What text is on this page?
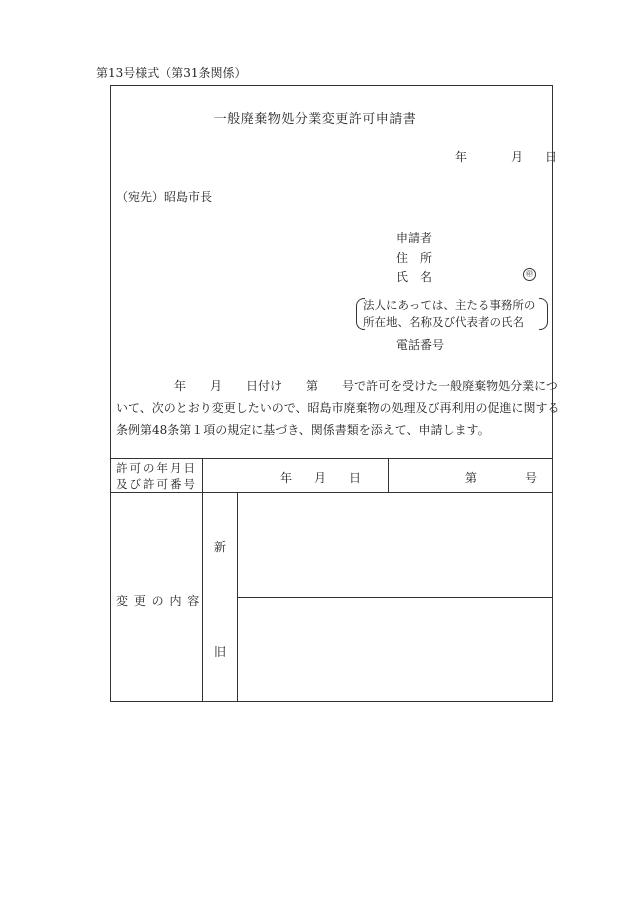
第13号様式（第31条関係）
一般廃棄物処分業変更許可申請書
年	月 日
（宛先）昭島市長
申請者
住　所
氏　名	㊞
法人にあっては、主たる事務所の
所在地、名称及び代表者の氏名
電話番号
年 月 日付け 第 号で許可を受けた一般廃棄物処分業につ
いて、次のとおり変更したいので、昭島市廃棄物の処理及び再利用の促進に関する
条例第48条第１項の規定に基づき、関係書類を添えて、申請します。
許可の年月日
及び許可番号	年 月 日	第	号
変 更 の 内 容
新
旧
